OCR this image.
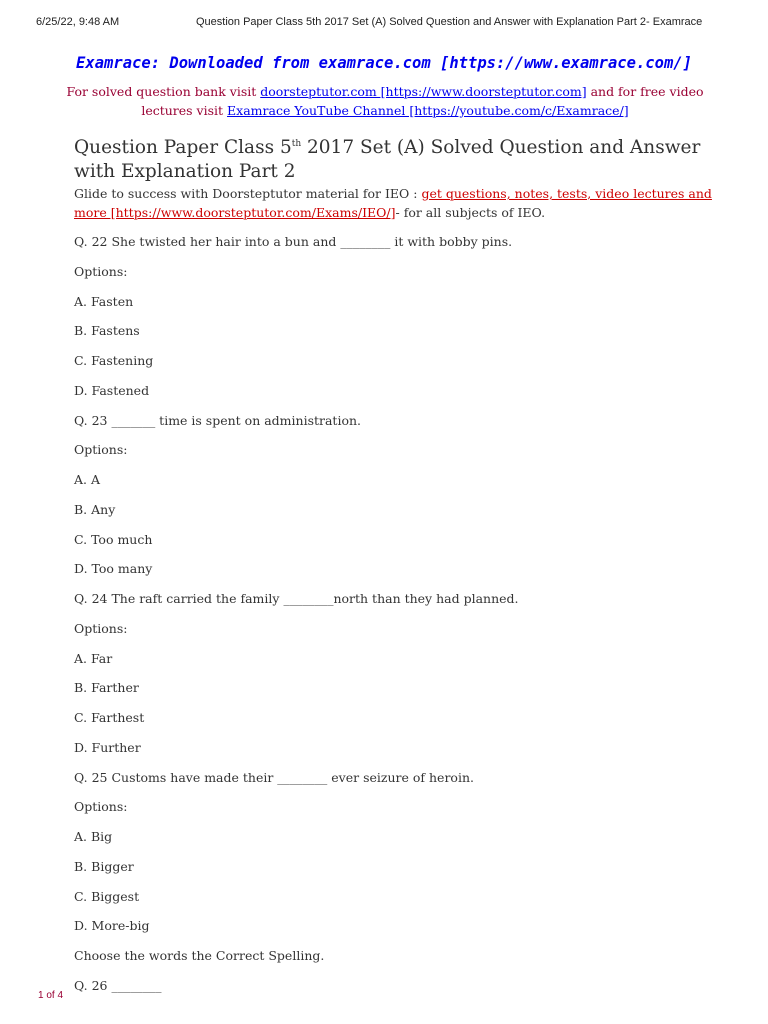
6/25/22, 9:48 AM	Question Paper Class 5th 2017 Set (A) Solved Question and Answer with Explanation Part 2- Examrace
Examrace: Downloaded from examrace.com [https://www.examrace.com/]
For solved question bank visit doorsteptutor.com [https://www.doorsteptutor.com] and for free video lectures visit Examrace YouTube Channel [https://youtube.com/c/Examrace/]
Question Paper Class 5th 2017 Set (A) Solved Question and Answer with Explanation Part 2
Glide to success with Doorsteptutor material for IEO : get questions, notes, tests, video lectures and more [https://www.doorsteptutor.com/Exams/IEO/]- for all subjects of IEO.
Q. 22 She twisted her hair into a bun and ________ it with bobby pins.
Options:
A. Fasten
B. Fastens
C. Fastening
D. Fastened
Q. 23 _______ time is spent on administration.
Options:
A. A
B. Any
C. Too much
D. Too many
Q. 24 The raft carried the family ________north than they had planned.
Options:
A. Far
B. Farther
C. Farthest
D. Further
Q. 25 Customs have made their ________ ever seizure of heroin.
Options:
A. Big
B. Bigger
C. Biggest
D. More-big
Choose the words the Correct Spelling.
Q. 26 ________
1 of 4
